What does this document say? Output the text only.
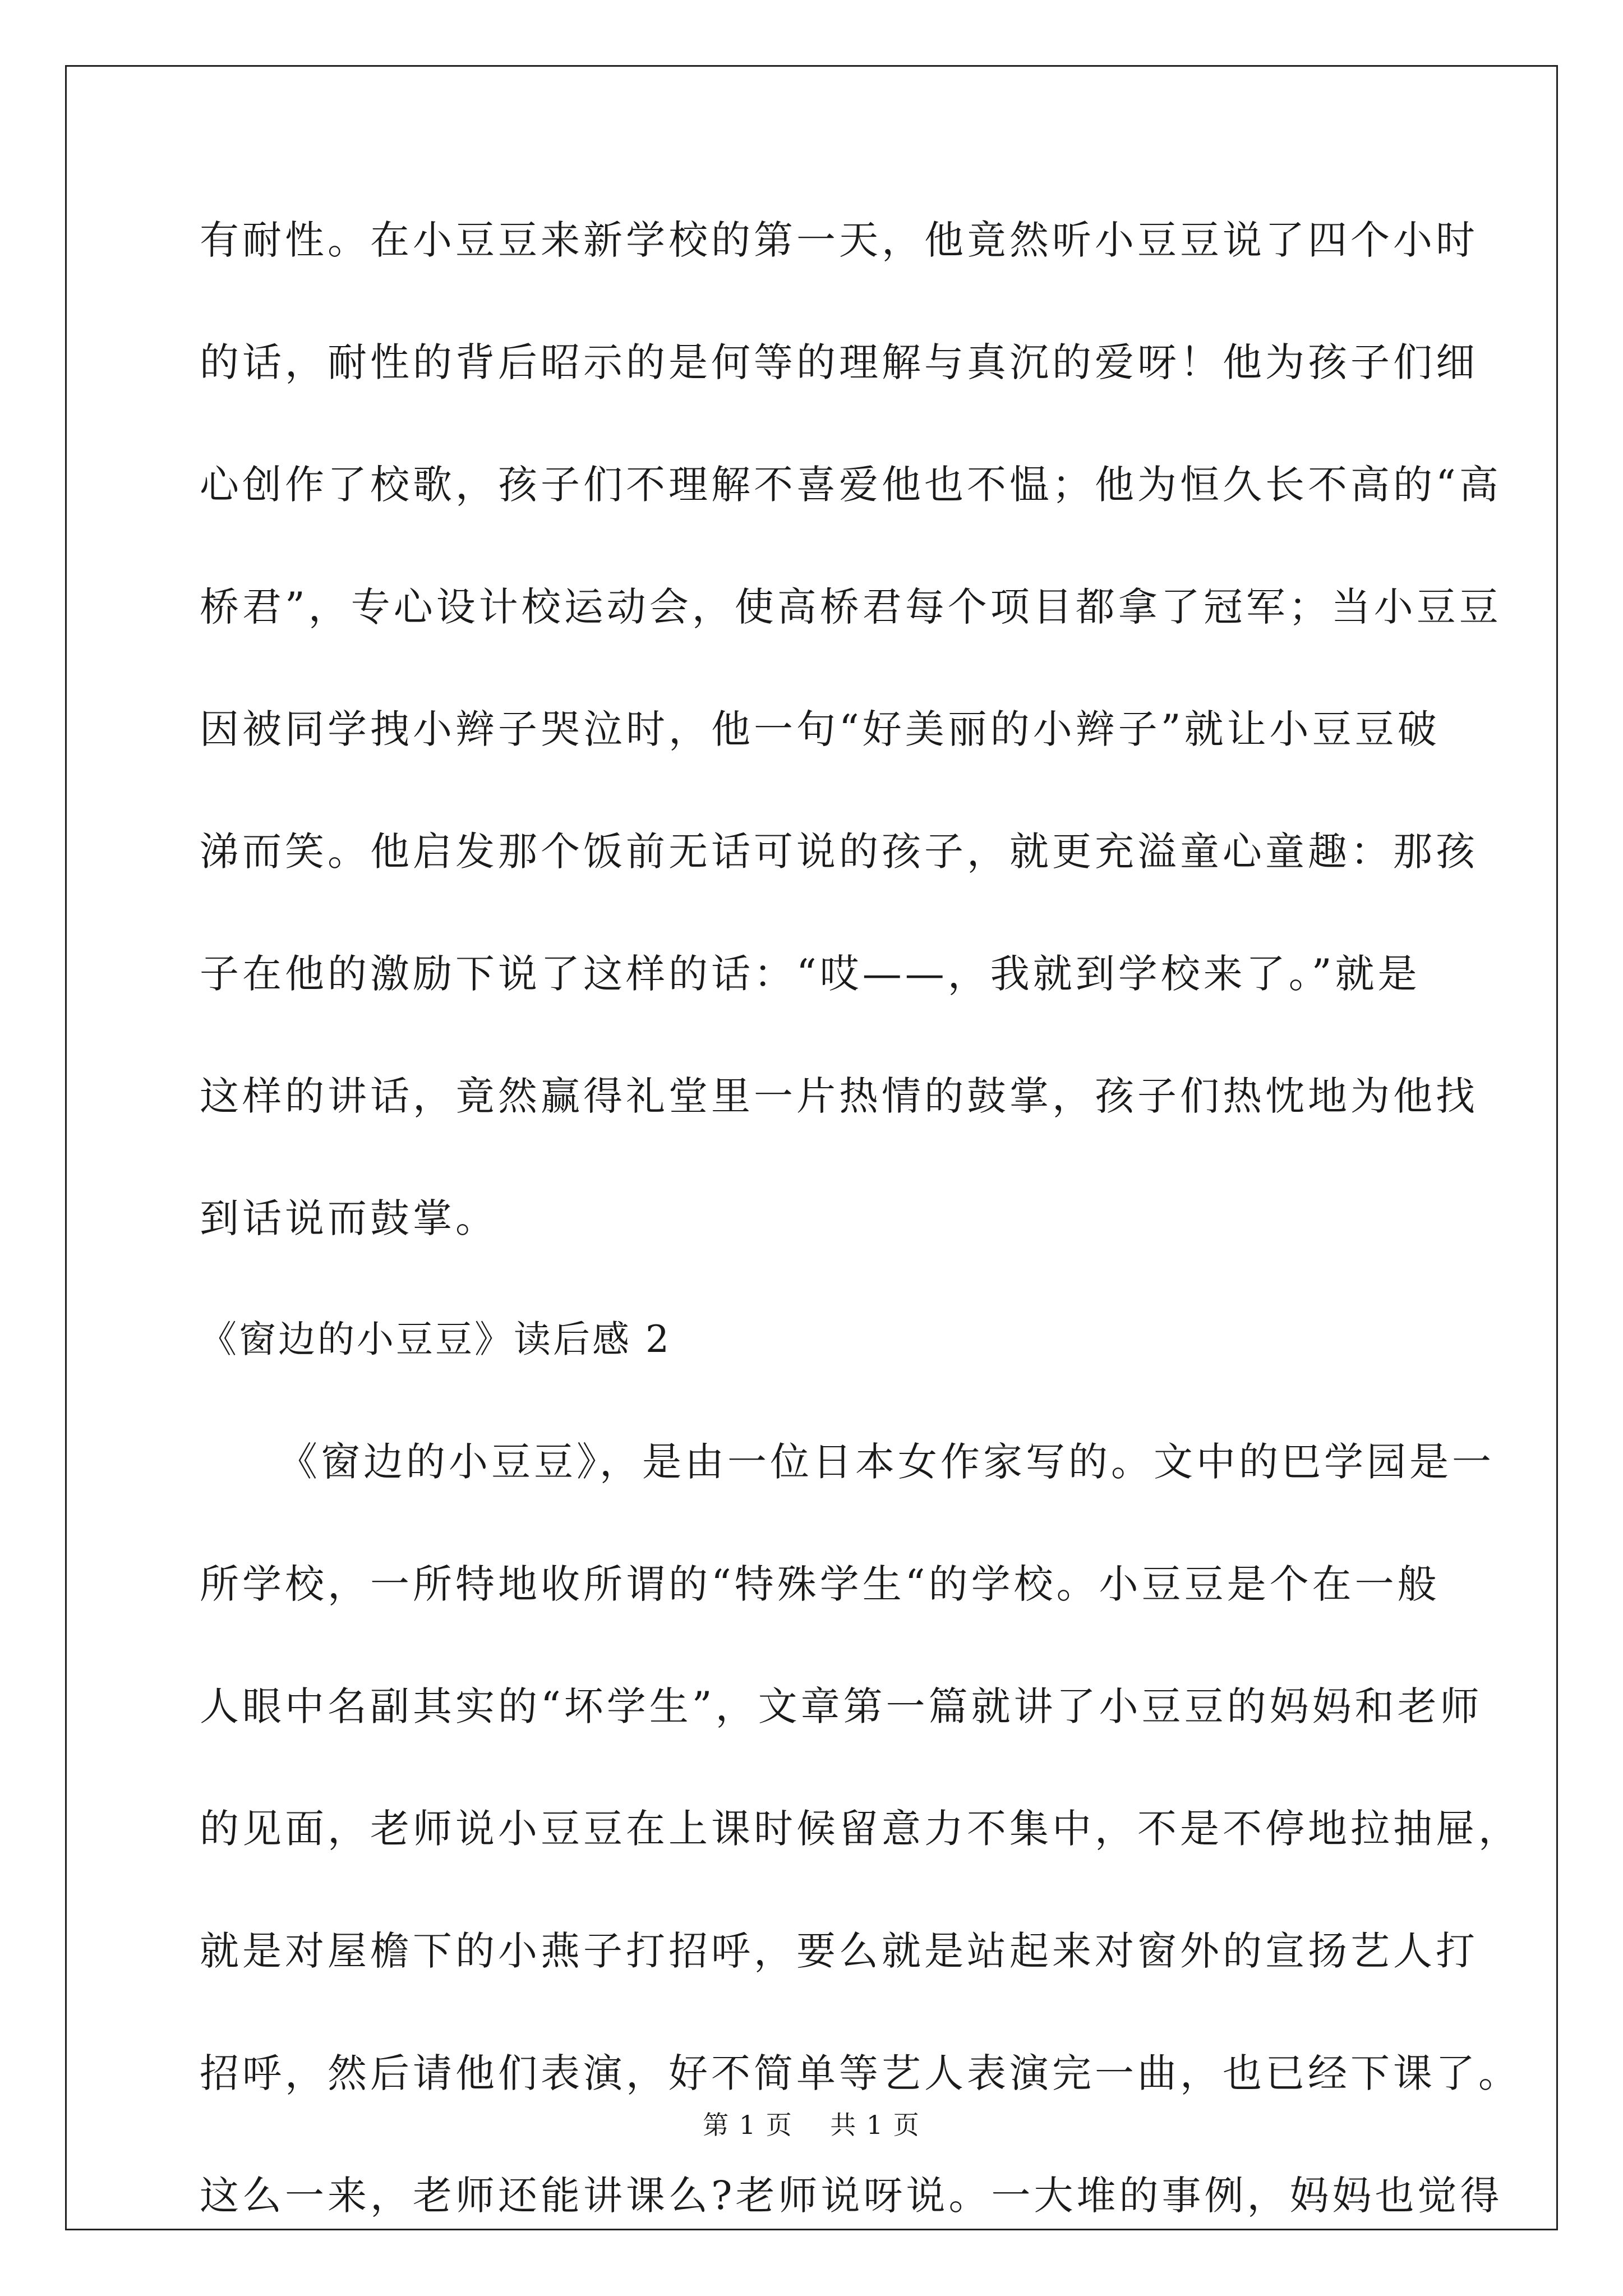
有耐性。在小豆豆来新学校的第一天，他竟然听小豆豆说了四个小时
的话，耐性的背后昭示的是何等的理解与真沉的爱呀！他为孩子们细
心创作了校歌，孩子们不理解不喜爱他也不愠；他为恒久长不高的“高
桥君”，专心设计校运动会，使高桥君每个项目都拿了冠军；当小豆豆
因被同学拽小辫子哭泣时，他一句“好美丽的小辫子”就让小豆豆破
涕而笑。他启发那个饭前无话可说的孩子，就更充溢童心童趣：那孩
子在他的激励下说了这样的话：“哎——，我就到学校来了。”就是
这样的讲话，竟然赢得礼堂里一片热情的鼓掌，孩子们热忱地为他找
到话说而鼓掌。
《窗边的小豆豆》读后感 2
《窗边的小豆豆》，是由一位日本女作家写的。文中的巴学园是一
所学校，一所特地收所谓的“特殊学生“的学校。小豆豆是个在一般
人眼中名副其实的“坏学生”，文章第一篇就讲了小豆豆的妈妈和老师
的见面，老师说小豆豆在上课时候留意力不集中，不是不停地拉抽屉，
就是对屋檐下的小燕子打招呼，要么就是站起来对窗外的宣扬艺人打
招呼，然后请他们表演，好不简单等艺人表演完一曲，也已经下课了。
这么一来，老师还能讲课么?老师说呀说。一大堆的事例，妈妈也觉得
第 1 页    共 1 页
